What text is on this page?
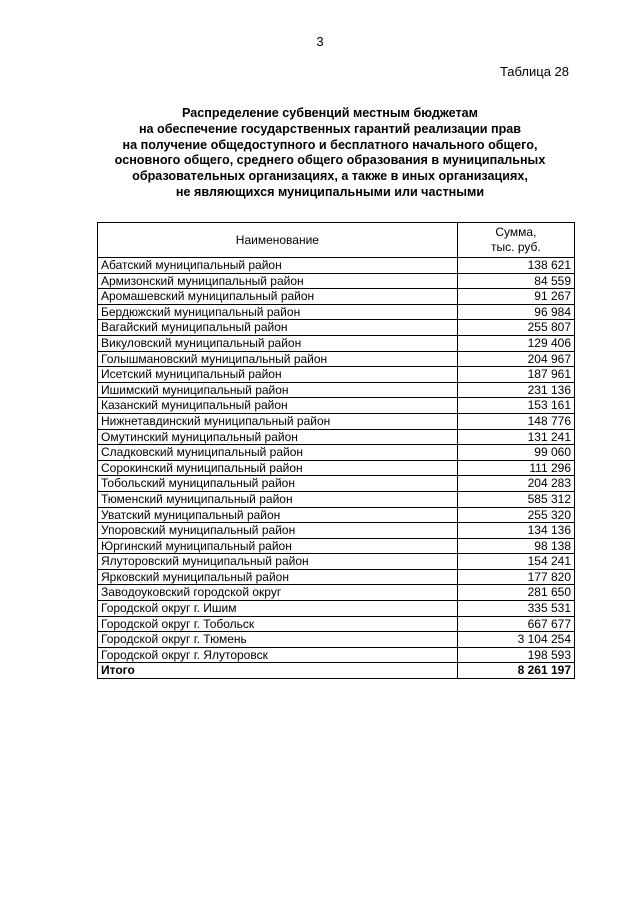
3
Таблица 28
Распределение субвенций местным бюджетам
на обеспечение государственных гарантий реализации прав
на получение общедоступного и бесплатного начального общего,
основного общего, среднего общего образования в муниципальных
образовательных организациях, а также в иных организациях,
не являющихся муниципальными или частными
Наименование	Сумма,
тыс. руб.

Абатский муниципальный район	138 621
Армизонский муниципальный район	84 559
Аромашевский муниципальный район	91 267
Бердюжский муниципальный район	96 984
Вагайский муниципальный район	255 807
Викуловский муниципальный район	129 406
Голышмановский муниципальный район	204 967
Исетский муниципальный район	187 961
Ишимский муниципальный район	231 136
Казанский муниципальный район	153 161
Нижнетавдинский муниципальный район	148 776
Омутинский муниципальный район	131 241
Сладковский муниципальный район	99 060
Сорокинский муниципальный район	111 296
Тобольский муниципальный район	204 283
Тюменский муниципальный район	585 312
Уватский муниципальный район	255 320
Упоровский муниципальный район	134 136
Юргинский муниципальный район	98 138
Ялуторовский муниципальный район	154 241
Ярковский муниципальный район	177 820
Заводоуковский городской округ	281 650
Городской округ г. Ишим	335 531
Городской округ г. Тобольск	667 677
Городской округ г. Тюмень	3 104 254
Городской округ г. Ялуторовск	198 593
Итого	8 261 197
